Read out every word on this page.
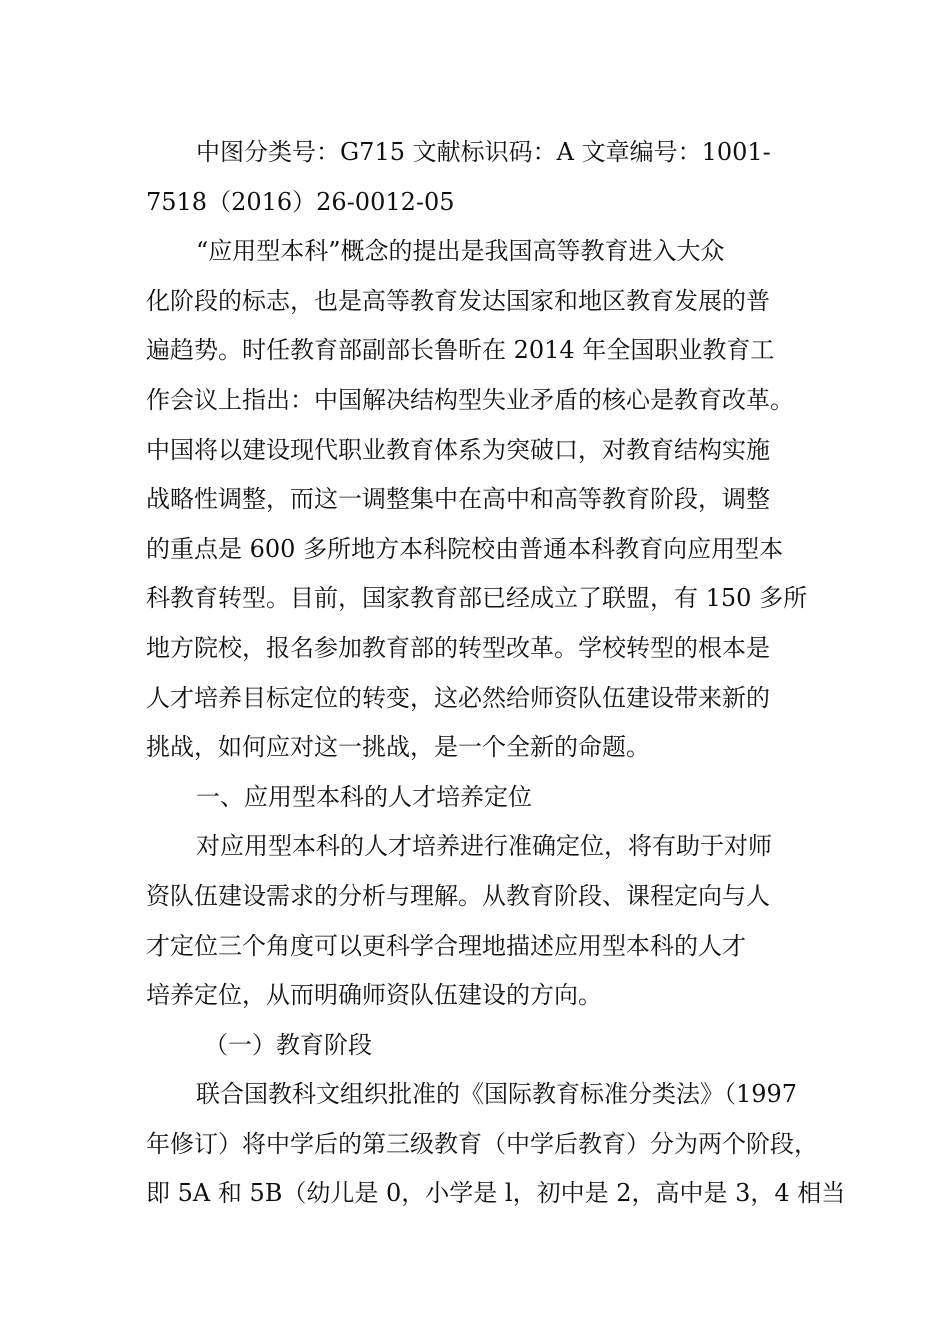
中图分类号：G715 文献标识码：A 文章编号：1001-
7518（2016）26-0012-05
“应用型本科”概念的提出是我国高等教育进入大众
化阶段的标志，也是高等教育发达国家和地区教育发展的普
遍趋势。时任教育部副部长鲁昕在 2014 年全国职业教育工
作会议上指出：中国解决结构型失业矛盾的核心是教育改革。
中国将以建设现代职业教育体系为突破口，对教育结构实施
战略性调整，而这一调整集中在高中和高等教育阶段，调整
的重点是 600 多所地方本科院校由普通本科教育向应用型本
科教育转型。目前，国家教育部已经成立了联盟，有 150 多所
地方院校，报名参加教育部的转型改革。学校转型的根本是
人才培养目标定位的转变，这必然给师资队伍建设带来新的
挑战，如何应对这一挑战，是一个全新的命题。
一、应用型本科的人才培养定位
对应用型本科的人才培养进行准确定位，将有助于对师
资队伍建设需求的分析与理解。从教育阶段、课程定向与人
才定位三个角度可以更科学合理地描述应用型本科的人才
培养定位，从而明确师资队伍建设的方向。
（一）教育阶段
联合国教科文组织批准的《国际教育标准分类法》（1997
年修订）将中学后的第三级教育（中学后教育）分为两个阶段，
即 5A 和 5B（幼儿是 0，小学是 l，初中是 2，高中是 3，4 相当
